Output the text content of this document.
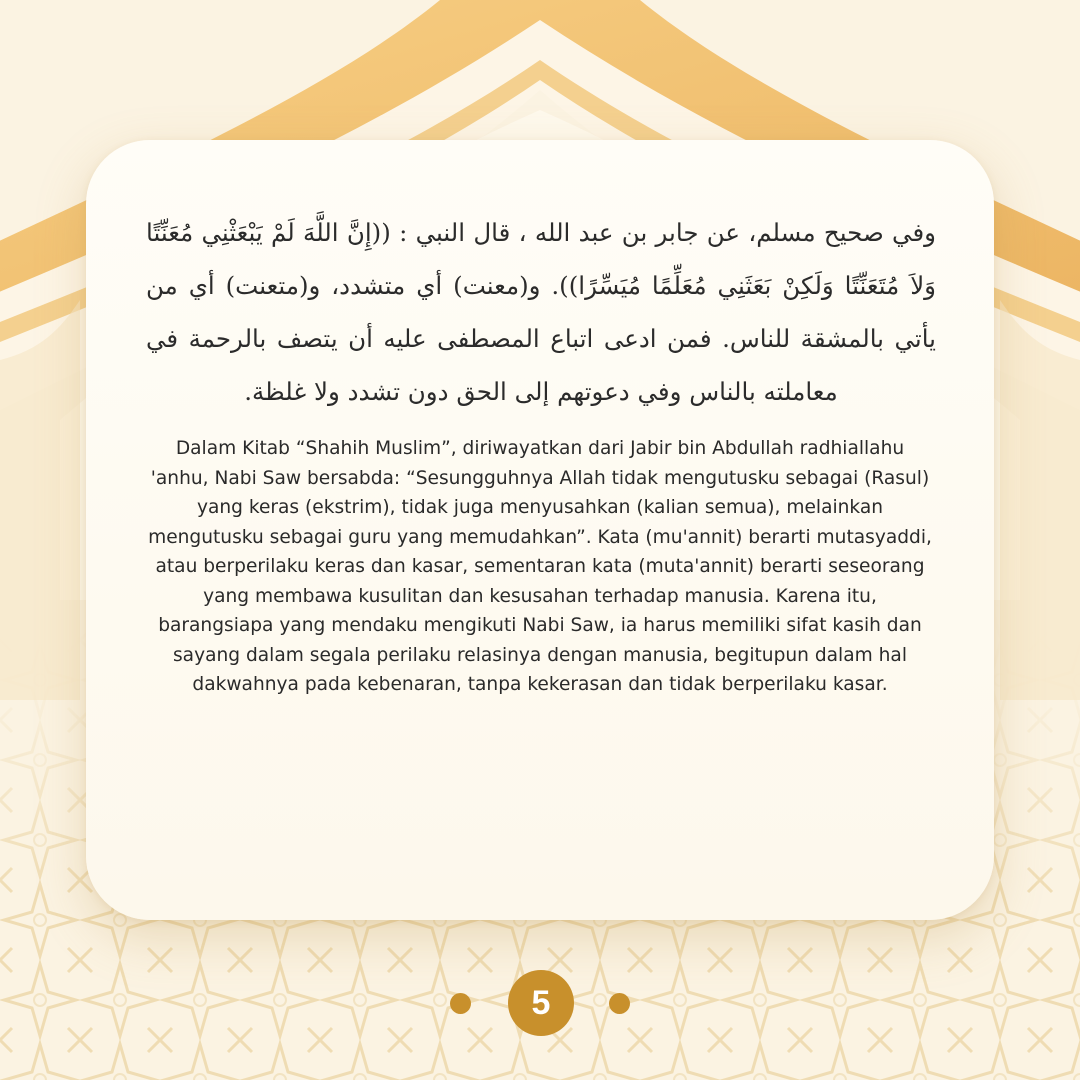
وفي صحيح مسلم، عن جابر بن عبد الله ، قال النبي : ((إِنَّ اللَّهَ لَمْ يَبْعَثْنِي مُعَنِّتًا وَلاَ مُتَعَنِّتًا وَلَكِنْ بَعَثَنِي مُعَلِّمًا مُيَسِّرًا)). و(معنت) أي متشدد، و(متعنت) أي من يأتي بالمشقة للناس. فمن ادعى اتباع المصطفى عليه أن يتصف بالرحمة في معاملته بالناس وفي دعوتهم إلى الحق دون تشدد ولا غلظة.

Dalam Kitab “Shahih Muslim”, diriwayatkan dari Jabir bin Abdullah radhiallahu 'anhu, Nabi Saw bersabda: “Sesungguhnya Allah tidak mengutusku sebagai (Rasul) yang keras (ekstrim), tidak juga menyusahkan (kalian semua), melainkan mengutusku sebagai guru yang memudahkan”. Kata (mu'annit) berarti mutasyaddi, atau berperilaku keras dan kasar, sementaran kata (muta'annit) berarti seseorang yang membawa kusulitan dan kesusahan terhadap manusia. Karena itu, barangsiapa yang mendaku mengikuti Nabi Saw, ia harus memiliki sifat kasih dan sayang dalam segala perilaku relasinya dengan manusia, begitupun dalam hal dakwahnya pada kebenaran, tanpa kekerasan dan tidak berperilaku kasar.

5
